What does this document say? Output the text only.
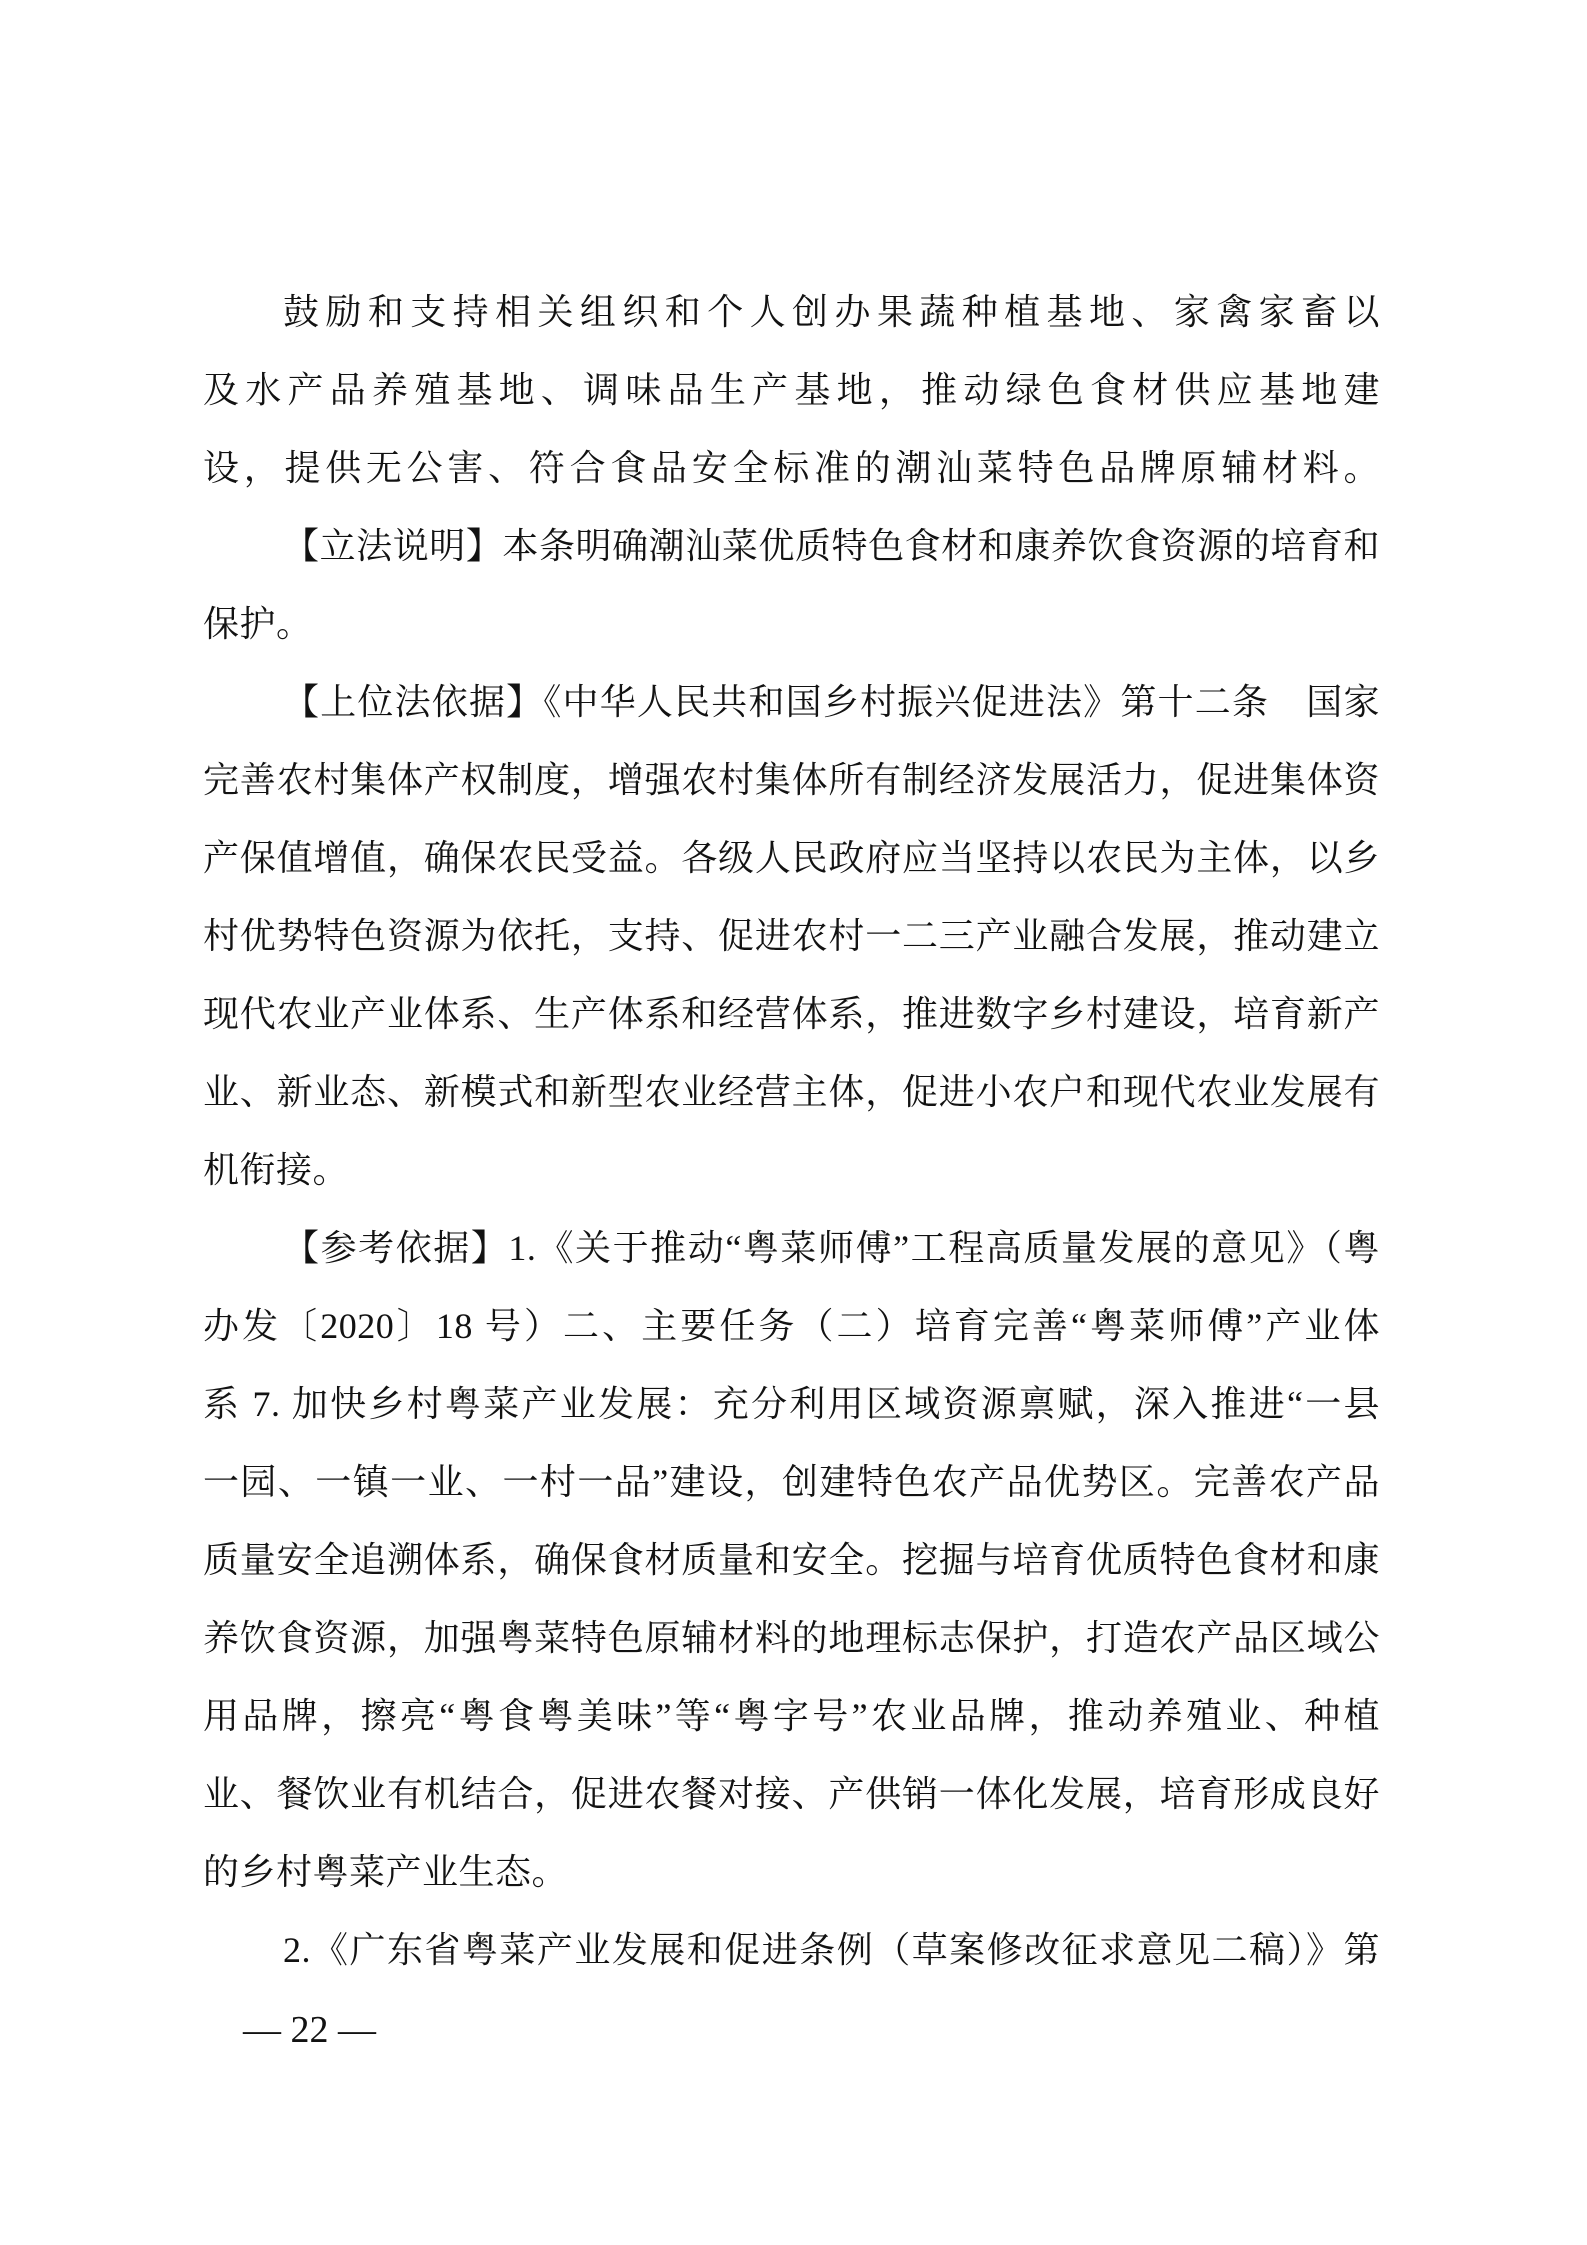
鼓励和支持相关组织和个人创办果蔬种植基地、家禽家畜以
及水产品养殖基地、调味品生产基地，推动绿色食材供应基地建
设，提供无公害、符合食品安全标准的潮汕菜特色品牌原辅材料。
【立法说明】本条明确潮汕菜优质特色食材和康养饮食资源的培育和
保护。
【上位法依据】《中华人民共和国乡村振兴促进法》第十二条　国家
完善农村集体产权制度，增强农村集体所有制经济发展活力，促进集体资
产保值增值，确保农民受益。各级人民政府应当坚持以农民为主体，以乡
村优势特色资源为依托，支持、促进农村一二三产业融合发展，推动建立
现代农业产业体系、生产体系和经营体系，推进数字乡村建设，培育新产
业、新业态、新模式和新型农业经营主体，促进小农户和现代农业发展有
机衔接。
【参考依据】1.《关于推动“粤菜师傅”工程高质量发展的意见》（粤
办发〔2020〕18 号）二、主要任务（二）培育完善“粤菜师傅”产业体
系 7. 加快乡村粤菜产业发展：充分利用区域资源禀赋，深入推进“一县
一园、一镇一业、一村一品”建设，创建特色农产品优势区。完善农产品
质量安全追溯体系，确保食材质量和安全。挖掘与培育优质特色食材和康
养饮食资源，加强粤菜特色原辅材料的地理标志保护，打造农产品区域公
用品牌，擦亮“粤食粤美味”等“粤字号”农业品牌，推动养殖业、种植
业、餐饮业有机结合，促进农餐对接、产供销一体化发展，培育形成良好
的乡村粤菜产业生态。
2.《广东省粤菜产业发展和促进条例（草案修改征求意见二稿）》第
— 22 —
